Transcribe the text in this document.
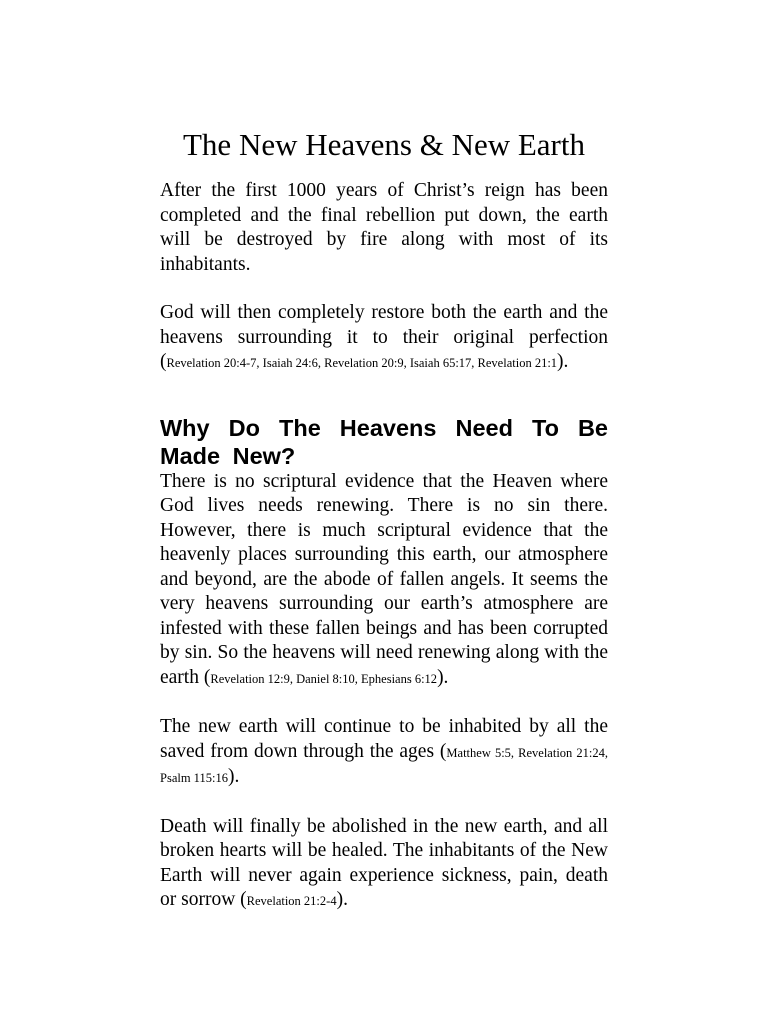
The New Heavens & New Earth

After the first 1000 years of Christ’s reign has been completed and the final rebellion put down, the earth will be destroyed by fire along with most of its inhabitants.

God will then completely restore both the earth and the heavens surrounding it to their original perfection (Revelation 20:4-7, Isaiah 24:6, Revelation 20:9, Isaiah 65:17, Revelation 21:1).

Why Do The Heavens Need To Be Made New?

There is no scriptural evidence that the Heaven where God lives needs renewing. There is no sin there. However, there is much scriptural evidence that the heavenly places surrounding this earth, our atmosphere and beyond, are the abode of fallen angels. It seems the very heavens surrounding our earth’s atmosphere are infested with these fallen beings and has been corrupted by sin. So the heavens will need renewing along with the earth (Revelation 12:9, Daniel 8:10, Ephesians 6:12).

The new earth will continue to be inhabited by all the saved from down through the ages (Matthew 5:5, Revelation 21:24, Psalm 115:16).

Death will finally be abolished in the new earth, and all broken hearts will be healed. The inhabitants of the New Earth will never again experience sickness, pain, death or sorrow (Revelation 21:2-4).
